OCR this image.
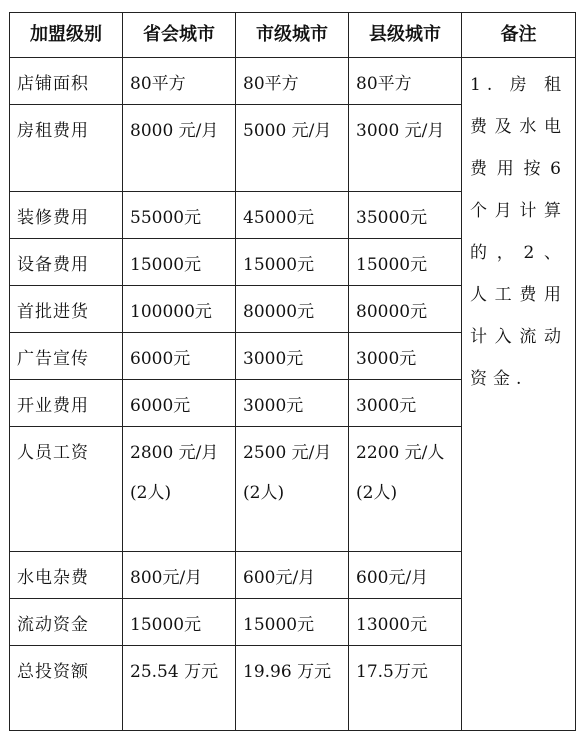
加盟级别	省会城市	市级城市	县级城市	备注
店铺面积	80平方	80平方	80平方	1.房租费及水电费用按6个月计算的，2、人工费用计入流动资金.
房租费用	8000 元/月	5000 元/月	3000 元/月	
装修费用	55000元	45000元	35000元	
设备费用	15000元	15000元	15000元	
首批进货	100000元	80000元	80000元	
广告宣传	6000元	3000元	3000元	
开业费用	6000元	3000元	3000元	
人员工资	2800 元/月 (2人)	2500 元/月 (2人)	2200 元/人(2人)	
水电杂费	800元/月	600元/月	600元/月	
流动资金	15000元	15000元	13000元	
总投资额	25.54 万元	19.96 万元	17.5万元	
